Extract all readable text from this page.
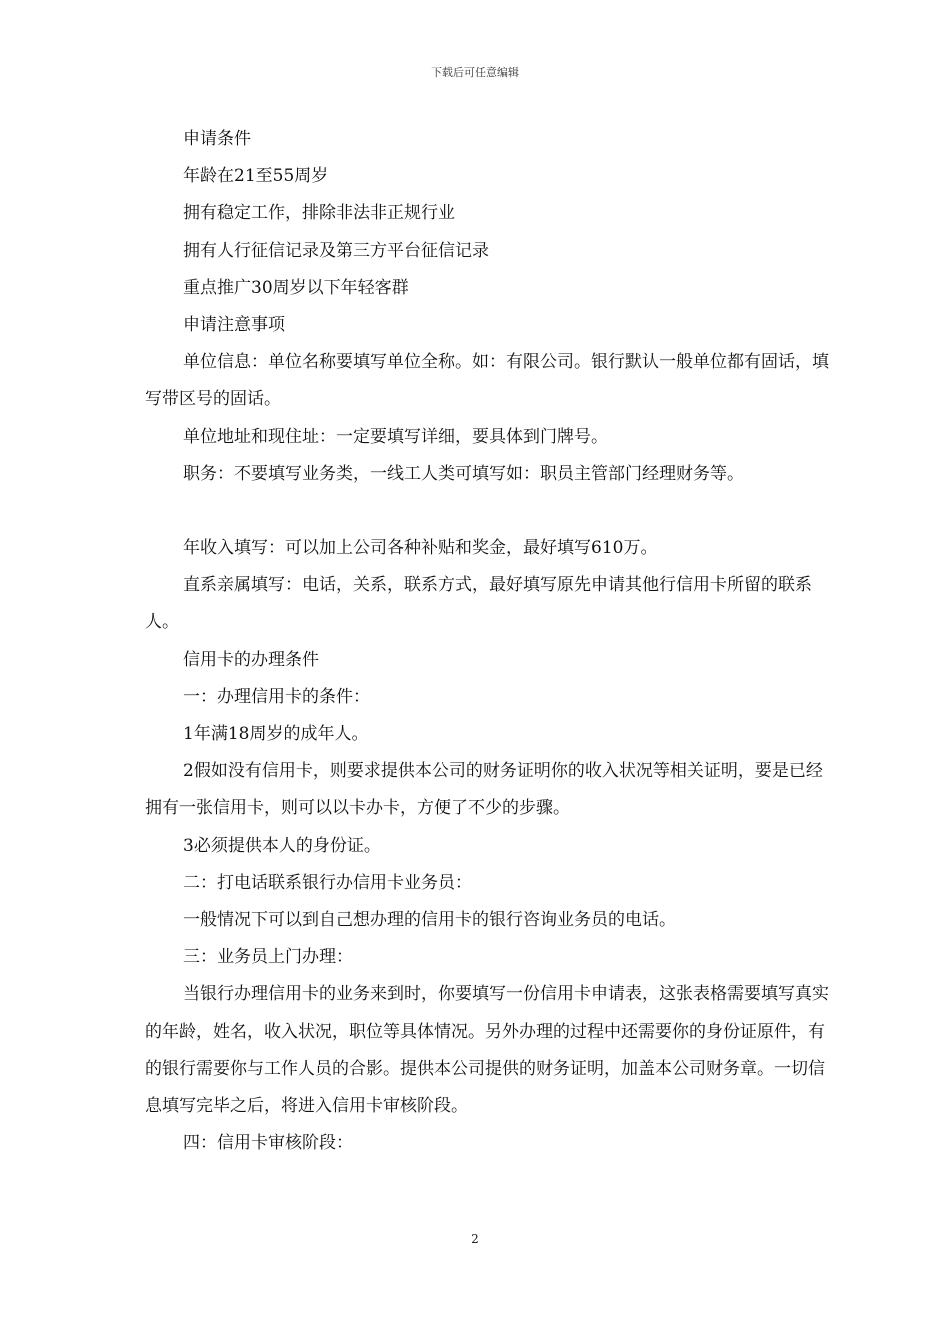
下载后可任意编辑

申请条件

年龄在21至55周岁

拥有稳定工作，排除非法非正规行业

拥有人行征信记录及第三方平台征信记录

重点推广30周岁以下年轻客群

申请注意事项

单位信息：单位名称要填写单位全称。如：有限公司。银行默认一般单位都有固话，填写带区号的固话。

单位地址和现住址：一定要填写详细，要具体到门牌号。

职务：不要填写业务类，一线工人类可填写如：职员主管部门经理财务等。

年收入填写：可以加上公司各种补贴和奖金，最好填写610万。

直系亲属填写：电话，关系，联系方式，最好填写原先申请其他行信用卡所留的联系人。

信用卡的办理条件

一：办理信用卡的条件：

1年满18周岁的成年人。

2假如没有信用卡，则要求提供本公司的财务证明你的收入状况等相关证明，要是已经拥有一张信用卡，则可以以卡办卡，方便了不少的步骤。

3必须提供本人的身份证。

二：打电话联系银行办信用卡业务员：

一般情况下可以到自己想办理的信用卡的银行咨询业务员的电话。

三：业务员上门办理：

当银行办理信用卡的业务来到时，你要填写一份信用卡申请表，这张表格需要填写真实的年龄，姓名，收入状况，职位等具体情况。另外办理的过程中还需要你的身份证原件，有的银行需要你与工作人员的合影。提供本公司提供的财务证明，加盖本公司财务章。一切信息填写完毕之后，将进入信用卡审核阶段。

四：信用卡审核阶段：

2
